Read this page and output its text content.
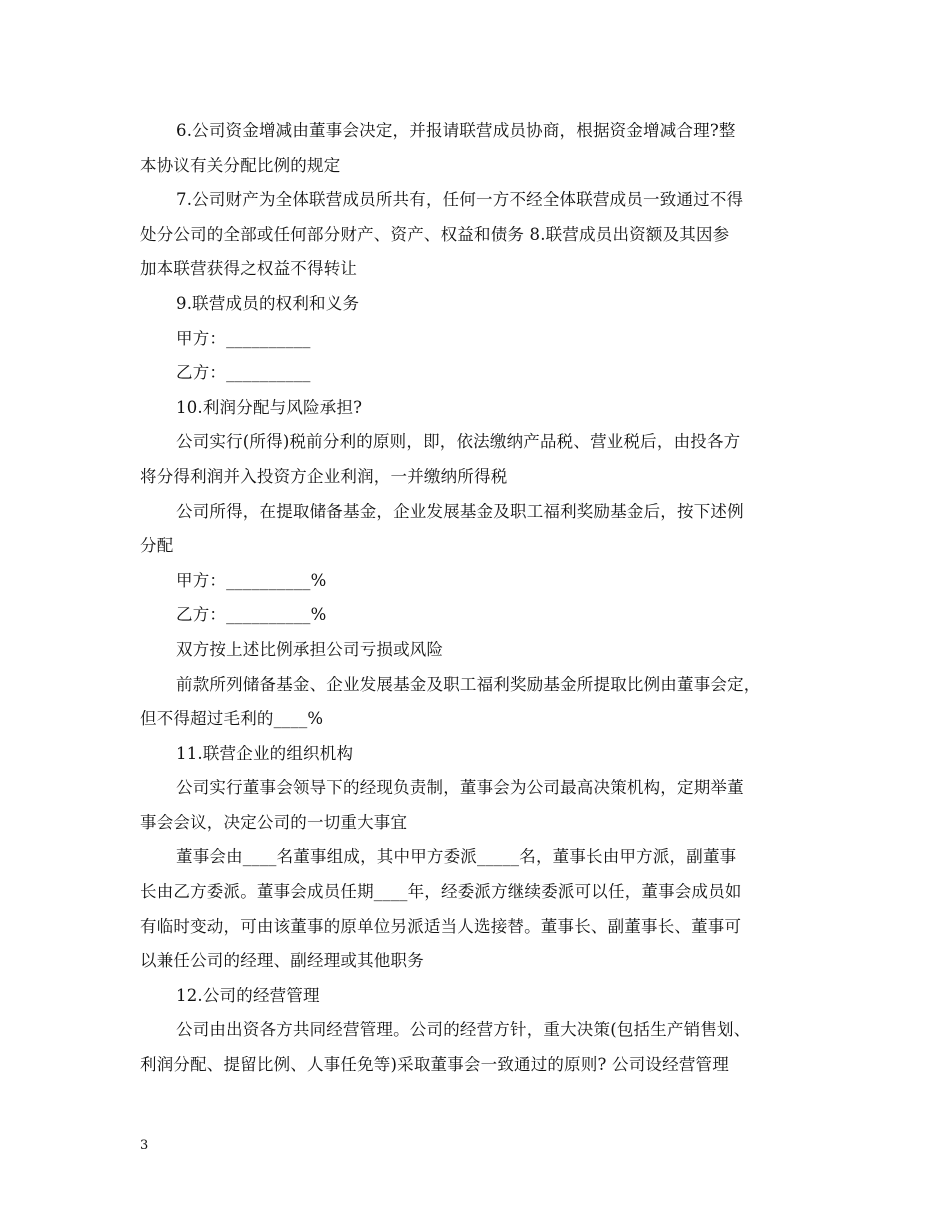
6.公司资金增减由董事会决定，并报请联营成员协商，根据资金增减合理?整
本协议有关分配比例的规定
7.公司财产为全体联营成员所共有，任何一方不经全体联营成员一致通过不得
处分公司的全部或任何部分财产、资产、权益和债务 8.联营成员出资额及其因参
加本联营获得之权益不得转让
9.联营成员的权利和义务
甲方：__________
乙方：__________
10.利润分配与风险承担?
公司实行(所得)税前分利的原则，即，依法缴纳产品税、营业税后，由投各方
将分得利润并入投资方企业利润，一并缴纳所得税
公司所得，在提取储备基金，企业发展基金及职工福利奖励基金后，按下述例
分配
甲方：__________%
乙方：__________%
双方按上述比例承担公司亏损或风险
前款所列储备基金、企业发展基金及职工福利奖励基金所提取比例由董事会定，
但不得超过毛利的____%
11.联营企业的组织机构
公司实行董事会领导下的经现负责制，董事会为公司最高决策机构，定期举董
事会会议，决定公司的一切重大事宜
董事会由____名董事组成，其中甲方委派_____名，董事长由甲方派，副董事
长由乙方委派。董事会成员任期____年，经委派方继续委派可以任，董事会成员如
有临时变动，可由该董事的原单位另派适当人选接替。董事长、副董事长、董事可
以兼任公司的经理、副经理或其他职务
12.公司的经营管理
公司由出资各方共同经营管理。公司的经营方针，重大决策(包括生产销售划、
利润分配、提留比例、人事任免等)采取董事会一致通过的原则? 公司设经营管理
3
